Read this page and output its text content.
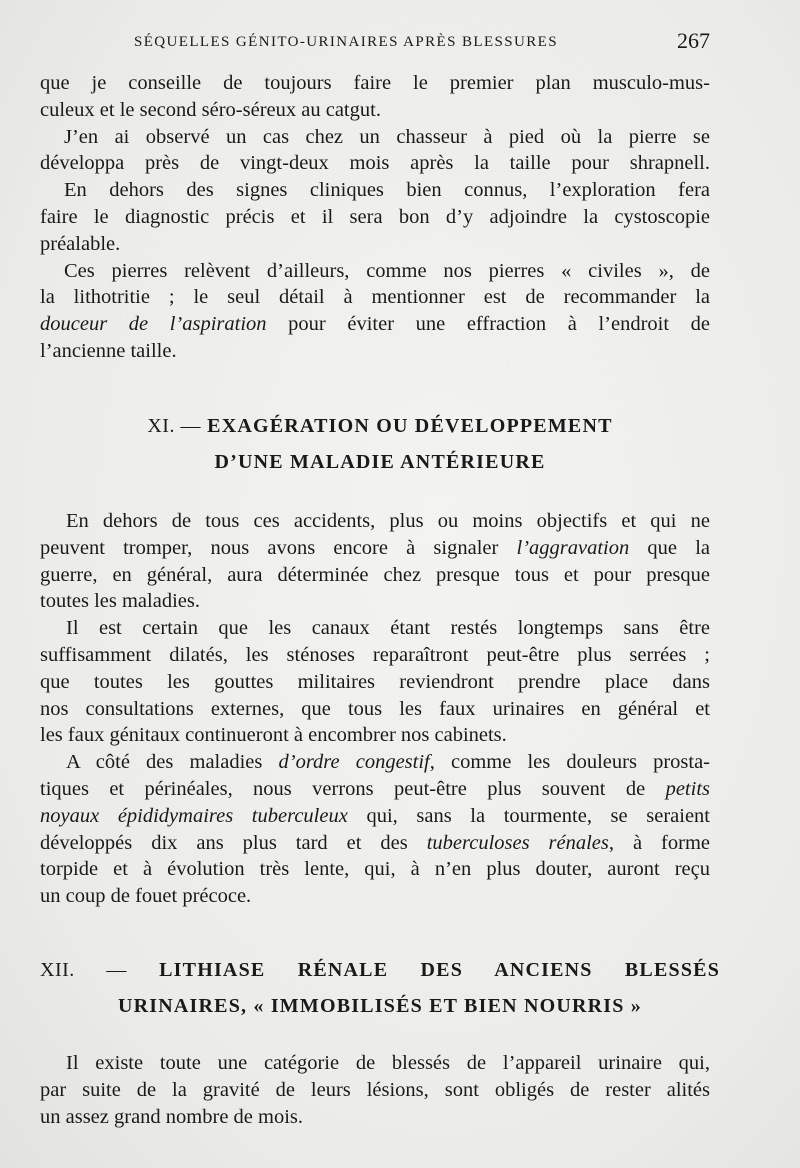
SÉQUELLES GÉNITO-URINAIRES APRÈS BLESSURES	267
que je conseille de toujours faire le premier plan musculo-mus-
culeux et le second séro-séreux au catgut.
J’en ai observé un cas chez un chasseur à pied où la pierre se
développa près de vingt-deux mois après la taille pour shrapnell.
En dehors des signes cliniques bien connus, l’exploration fera
faire le diagnostic précis et il sera bon d’y adjoindre la cystoscopie
préalable.
Ces pierres relèvent d’ailleurs, comme nos pierres « civiles », de
la lithotritie ; le seul détail à mentionner est de recommander la
douceur de l’aspiration pour éviter une effraction à l’endroit de
l’ancienne taille.
XI. — EXAGÉRATION OU DÉVELOPPEMENT
D’UNE MALADIE ANTÉRIEURE
En dehors de tous ces accidents, plus ou moins objectifs et qui ne
peuvent tromper, nous avons encore à signaler l’aggravation que la
guerre, en général, aura déterminée chez presque tous et pour presque
toutes les maladies.
Il est certain que les canaux étant restés longtemps sans être
suffisamment dilatés, les sténoses reparaîtront peut-être plus serrées ;
que toutes les gouttes militaires reviendront prendre place dans
nos consultations externes, que tous les faux urinaires en général et
les faux génitaux continueront à encombrer nos cabinets.
A côté des maladies d’ordre congestif, comme les douleurs prosta-
tiques et périnéales, nous verrons peut-être plus souvent de petits
noyaux épididymaires tuberculeux qui, sans la tourmente, se seraient
développés dix ans plus tard et des tuberculoses rénales, à forme
torpide et à évolution très lente, qui, à n’en plus douter, auront reçu
un coup de fouet précoce.
XII. — LITHIASE RÉNALE DES ANCIENS BLESSÉS
URINAIRES, « IMMOBILISÉS ET BIEN NOURRIS »
Il existe toute une catégorie de blessés de l’appareil urinaire qui,
par suite de la gravité de leurs lésions, sont obligés de rester alités
un assez grand nombre de mois.
